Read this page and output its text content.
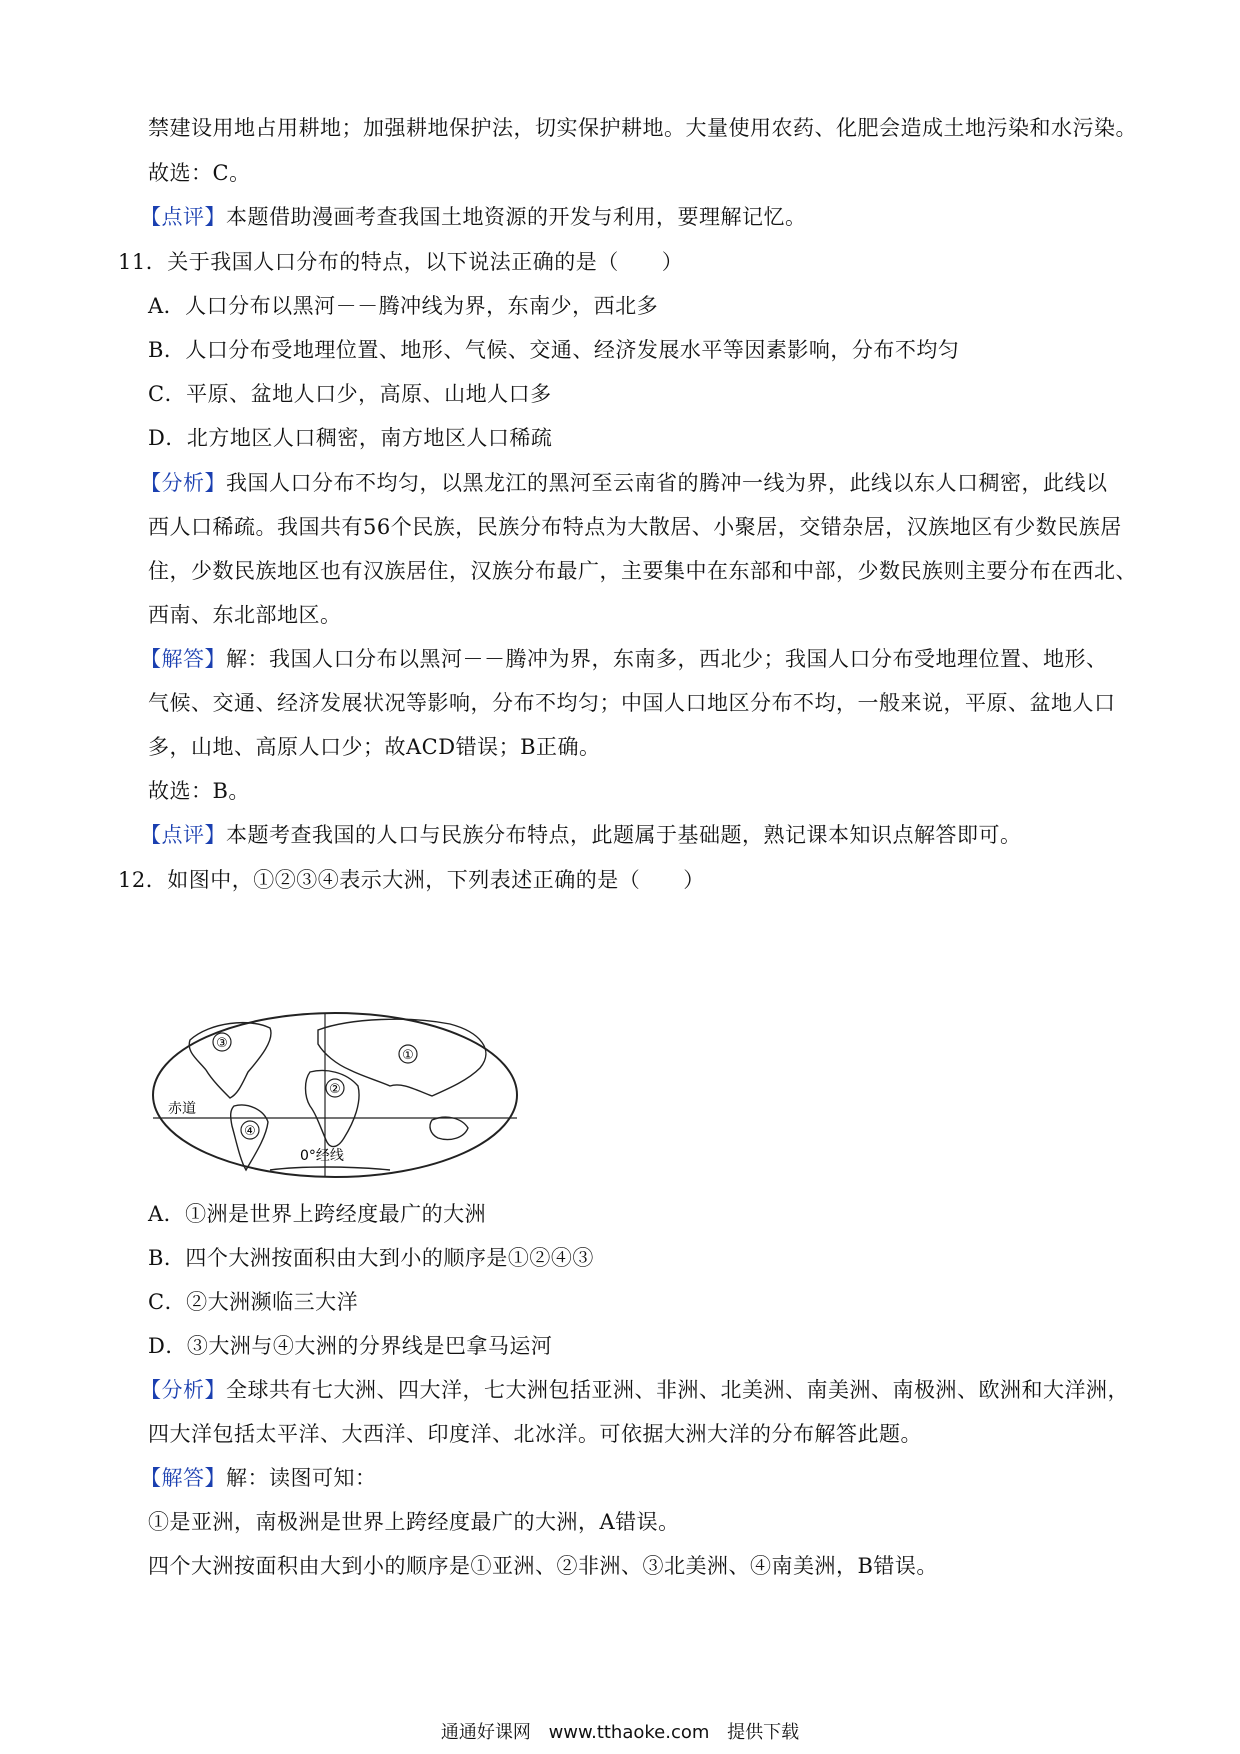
禁建设用地占用耕地；加强耕地保护法，切实保护耕地。大量使用农药、化肥会造成土地污染和水污染。
故选：C。
【点评】本题借助漫画考查我国土地资源的开发与利用，要理解记忆。
11．关于我国人口分布的特点，以下说法正确的是（　　）
A．人口分布以黑河－－腾冲线为界，东南少，西北多
B．人口分布受地理位置、地形、气候、交通、经济发展水平等因素影响，分布不均匀
C．平原、盆地人口少，高原、山地人口多
D．北方地区人口稠密，南方地区人口稀疏
【分析】我国人口分布不均匀，以黑龙江的黑河至云南省的腾冲一线为界，此线以东人口稠密，此线以
西人口稀疏。我国共有56个民族，民族分布特点为大散居、小聚居，交错杂居，汉族地区有少数民族居
住，少数民族地区也有汉族居住，汉族分布最广，主要集中在东部和中部，少数民族则主要分布在西北、
西南、东北部地区。
【解答】解：我国人口分布以黑河－－腾冲为界，东南多，西北少；我国人口分布受地理位置、地形、
气候、交通、经济发展状况等影响，分布不均匀；中国人口地区分布不均，一般来说，平原、盆地人口
多，山地、高原人口少；故ACD错误；B正确。
故选：B。
【点评】本题考查我国的人口与民族分布特点，此题属于基础题，熟记课本知识点解答即可。
12．如图中，①②③④表示大洲，下列表述正确的是（　　）
①
②
③
④
赤道
0°经线
A．①洲是世界上跨经度最广的大洲
B．四个大洲按面积由大到小的顺序是①②④③
C．②大洲濒临三大洋
D．③大洲与④大洲的分界线是巴拿马运河
【分析】全球共有七大洲、四大洋，七大洲包括亚洲、非洲、北美洲、南美洲、南极洲、欧洲和大洋洲，
四大洋包括太平洋、大西洋、印度洋、北冰洋。可依据大洲大洋的分布解答此题。
【解答】解：读图可知：
①是亚洲，南极洲是世界上跨经度最广的大洲，A错误。
四个大洲按面积由大到小的顺序是①亚洲、②非洲、③北美洲、④南美洲，B错误。
通通好课网 www.tthaoke.com 提供下载
